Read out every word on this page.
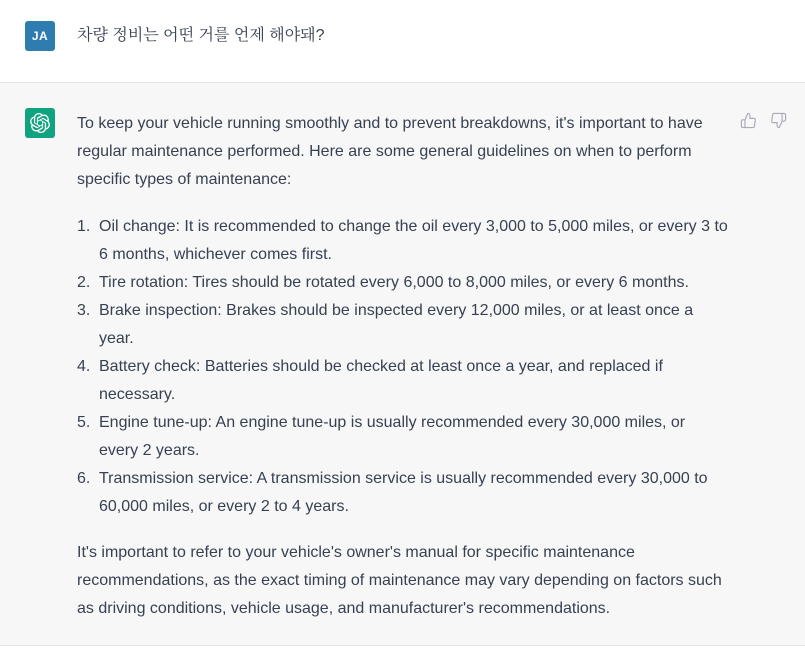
JA 차량 정비는 어떤 거를 언제 해야돼?

To keep your vehicle running smoothly and to prevent breakdowns, it's important to have regular maintenance performed. Here are some general guidelines on when to perform specific types of maintenance:

1. Oil change: It is recommended to change the oil every 3,000 to 5,000 miles, or every 3 to 6 months, whichever comes first.
2. Tire rotation: Tires should be rotated every 6,000 to 8,000 miles, or every 6 months.
3. Brake inspection: Brakes should be inspected every 12,000 miles, or at least once a year.
4. Battery check: Batteries should be checked at least once a year, and replaced if necessary.
5. Engine tune-up: An engine tune-up is usually recommended every 30,000 miles, or every 2 years.
6. Transmission service: A transmission service is usually recommended every 30,000 to 60,000 miles, or every 2 to 4 years.

It's important to refer to your vehicle's owner's manual for specific maintenance recommendations, as the exact timing of maintenance may vary depending on factors such as driving conditions, vehicle usage, and manufacturer's recommendations.
